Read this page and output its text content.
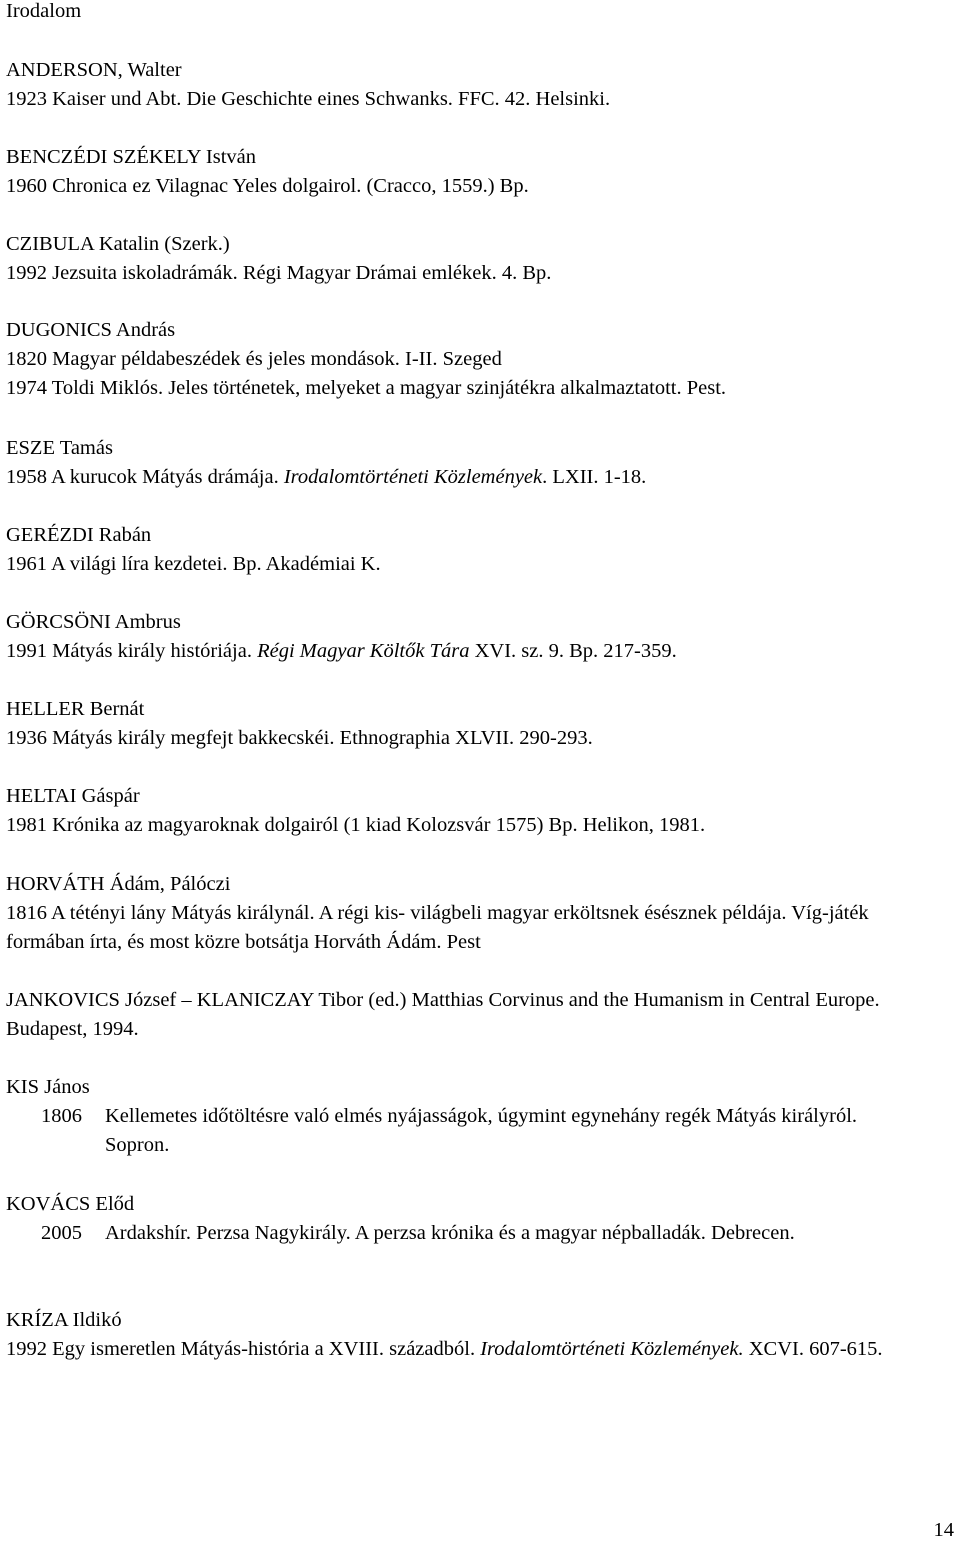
Irodalom
ANDERSON, Walter
1923 Kaiser und Abt. Die Geschichte eines Schwanks. FFC. 42. Helsinki.
BENCZÉDI SZÉKELY István
1960 Chronica ez Vilagnac Yeles dolgairol. (Cracco, 1559.) Bp.
CZIBULA Katalin (Szerk.)
1992 Jezsuita iskoladrámák. Régi Magyar Drámai emlékek. 4. Bp.
DUGONICS András
1820 Magyar példabeszédek és jeles mondások. I-II. Szeged
1974 Toldi Miklós. Jeles történetek, melyeket a magyar szinjátékra alkalmaztatott. Pest.
ESZE Tamás
1958 A kurucok Mátyás drámája. Irodalomtörténeti Közlemények. LXII. 1-18.
GERÉZDI Rabán
1961 A világi líra kezdetei. Bp. Akadémiai K.
GÖRCSÖNI Ambrus
1991 Mátyás király históriája. Régi Magyar Költők Tára XVI. sz. 9. Bp. 217-359.
HELLER Bernát
1936 Mátyás király megfejt bakkecskéi. Ethnographia XLVII. 290-293.
HELTAI Gáspár
1981 Krónika az magyaroknak dolgairól (1 kiad Kolozsvár 1575) Bp. Helikon, 1981.
HORVÁTH Ádám, Pálóczi
1816 A tétényi lány Mátyás királynál. A régi kis- világbeli magyar erköltsnek ésésznek példája. Víg-játék formában írta, és most közre botsátja Horváth Ádám. Pest
JANKOVICS József – KLANICZAY Tibor (ed.) Matthias Corvinus and the Humanism in Central Europe. Budapest, 1994.
KIS János
1806	Kellemetes időtöltésre való elmés nyájasságok, úgymint egynehány regék Mátyás királyról. Sopron.
KOVÁCS Előd
2005	Ardakshír. Perzsa Nagykirály. A perzsa krónika és a magyar népballadák. Debrecen.
KRÍZA Ildikó
1992 Egy ismeretlen Mátyás-história a XVIII. századból. Irodalomtörténeti Közlemények. XCVI. 607-615.
14
